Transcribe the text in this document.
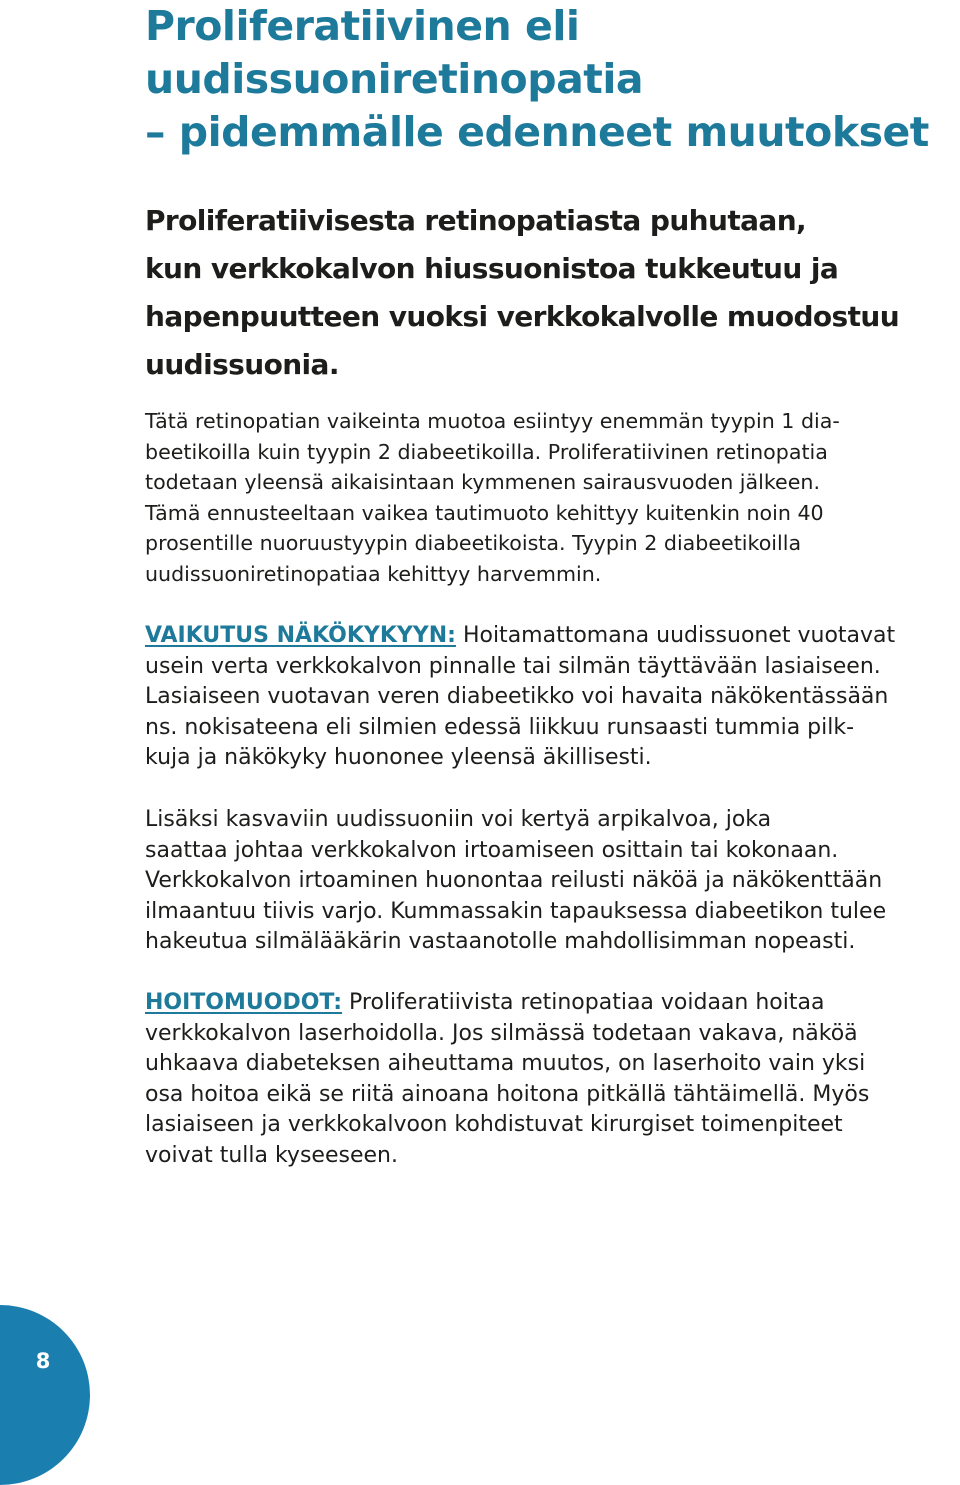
Proliferatiivinen eli
uudissuoniretinopatia
– pidemmälle edenneet muutokset

Proliferatiivisesta retinopatiasta puhutaan,
kun verkkokalvon hiussuonistoa tukkeutuu ja
hapenpuutteen vuoksi verkkokalvolle muodostuu
uudissuonia.

Tätä retinopatian vaikeinta muotoa esiintyy enemmän tyypin 1 dia-
beetikoilla kuin tyypin 2 diabeetikoilla. Proliferatiivinen retinopatia
todetaan yleensä aikaisintaan kymmenen sairausvuoden jälkeen.
Tämä ennusteeltaan vaikea tautimuoto kehittyy kuitenkin noin 40
prosentille nuoruustyypin diabeetikoista. Tyypin 2 diabeetikoilla
uudissuoniretinopatiaa kehittyy harvemmin.

VAIKUTUS NÄKÖKYKYYN: Hoitamattomana uudissuonet vuotavat
usein verta verkkokalvon pinnalle tai silmän täyttävään lasiaiseen.
Lasiaiseen vuotavan veren diabeetikko voi havaita näkökentässään
ns. nokisateena eli silmien edessä liikkuu runsaasti tummia pilk-
kuja ja näkökyky huononee yleensä äkillisesti.

Lisäksi kasvaviin uudissuoniin voi kertyä arpikalvoa, joka
saattaa johtaa verkkokalvon irtoamiseen osittain tai kokonaan.
Verkkokalvon irtoaminen huonontaa reilusti näköä ja näkökenttään
ilmaantuu tiivis varjo. Kummassakin tapauksessa diabeetikon tulee
hakeutua silmälääkärin vastaanotolle mahdollisimman nopeasti.

HOITOMUODOT: Proliferatiivista retinopatiaa voidaan hoitaa
verkkokalvon laserhoidolla. Jos silmässä todetaan vakava, näköä
uhkaava diabeteksen aiheuttama muutos, on laserhoito vain yksi
osa hoitoa eikä se riitä ainoana hoitona pitkällä tähtäimellä. Myös
lasiaiseen ja verkkokalvoon kohdistuvat kirurgiset toimenpiteet
voivat tulla kyseeseen.

8
